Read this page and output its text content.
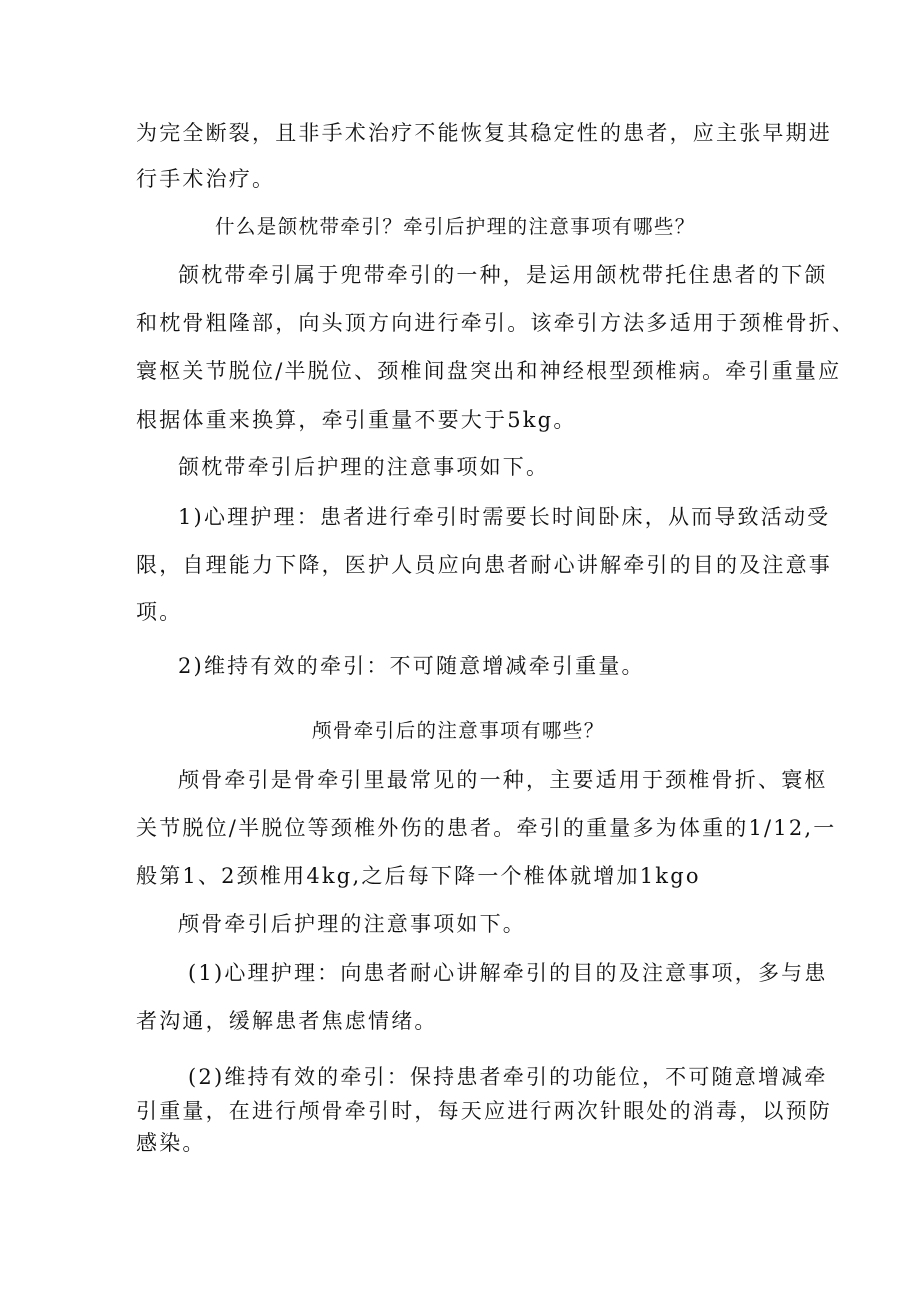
为完全断裂，且非手术治疗不能恢复其稳定性的患者，应主张早期进
行手术治疗。
什么是颌枕带牵引？牵引后护理的注意事项有哪些？
颌枕带牵引属于兜带牵引的一种，是运用颌枕带托住患者的下颌
和枕骨粗隆部，向头顶方向进行牵引。该牵引方法多适用于颈椎骨折、
寰枢关节脱位/半脱位、颈椎间盘突出和神经根型颈椎病。牵引重量应
根据体重来换算，牵引重量不要大于5kg。
颌枕带牵引后护理的注意事项如下。
1)心理护理：患者进行牵引时需要长时间卧床，从而导致活动受
限，自理能力下降，医护人员应向患者耐心讲解牵引的目的及注意事
项。
2)维持有效的牵引：不可随意增减牵引重量。
颅骨牵引后的注意事项有哪些？
颅骨牵引是骨牵引里最常见的一种，主要适用于颈椎骨折、寰枢
关节脱位/半脱位等颈椎外伤的患者。牵引的重量多为体重的1/12,一
般第1、2颈椎用4kg,之后每下降一个椎体就增加1kgo
颅骨牵引后护理的注意事项如下。
(1)心理护理：向患者耐心讲解牵引的目的及注意事项，多与患
者沟通，缓解患者焦虑情绪。
(2)维持有效的牵引：保持患者牵引的功能位，不可随意增减牵
引重量，在进行颅骨牵引时，每天应进行两次针眼处的消毒，以预防
感染。
